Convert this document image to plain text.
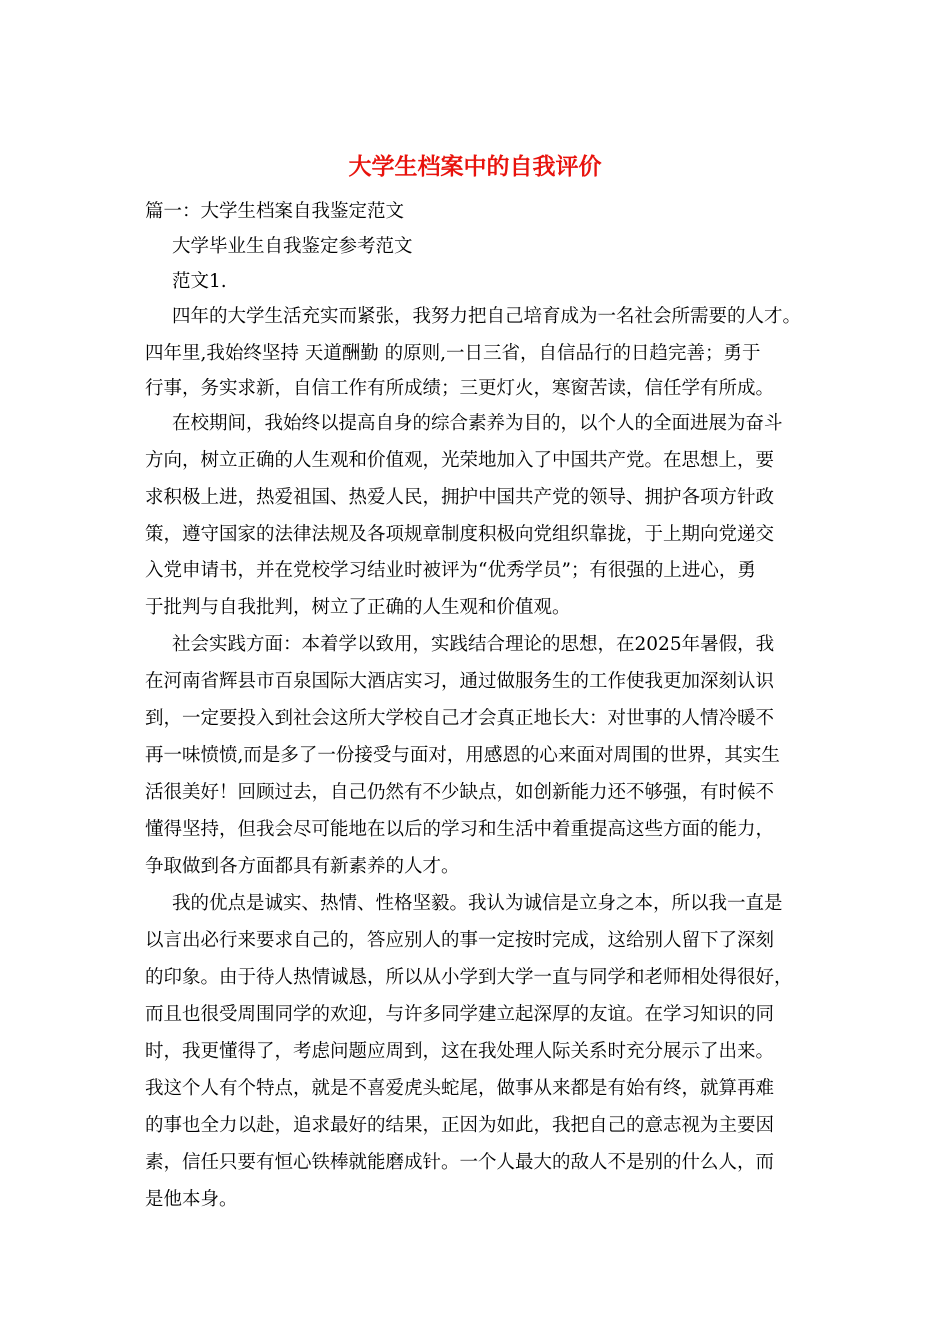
大学生档案中的自我评价

篇一：大学生档案自我鉴定范文

大学毕业生自我鉴定参考范文

范文1.

四年的大学生活充实而紧张，我努力把自己培育成为一名社会所需要的人才。

四年里,我始终坚持 天道酬勤 的原则,一日三省，自信品行的日趋完善；勇于

行事，务实求新，自信工作有所成绩；三更灯火，寒窗苦读，信任学有所成。

在校期间，我始终以提高自身的综合素养为目的，以个人的全面进展为奋斗

方向，树立正确的人生观和价值观，光荣地加入了中国共产党。在思想上，要

求积极上进，热爱祖国、热爱人民，拥护中国共产党的领导、拥护各项方针政

策，遵守国家的法律法规及各项规章制度积极向党组织靠拢，于上期向党递交

入党申请书，并在党校学习结业时被评为“优秀学员”；有很强的上进心，勇

于批判与自我批判，树立了正确的人生观和价值观。

社会实践方面：本着学以致用，实践结合理论的思想，在2025年暑假，我

在河南省辉县市百泉国际大酒店实习，通过做服务生的工作使我更加深刻认识

到，一定要投入到社会这所大学校自己才会真正地长大：对世事的人情冷暖不

再一味愤愤,而是多了一份接受与面对，用感恩的心来面对周围的世界，其实生

活很美好！回顾过去，自己仍然有不少缺点，如创新能力还不够强，有时候不

懂得坚持，但我会尽可能地在以后的学习和生活中着重提高这些方面的能力，

争取做到各方面都具有新素养的人才。

我的优点是诚实、热情、性格坚毅。我认为诚信是立身之本，所以我一直是

以言出必行来要求自己的，答应别人的事一定按时完成，这给别人留下了深刻

的印象。由于待人热情诚恳，所以从小学到大学一直与同学和老师相处得很好，

而且也很受周围同学的欢迎，与许多同学建立起深厚的友谊。在学习知识的同

时，我更懂得了，考虑问题应周到，这在我处理人际关系时充分展示了出来。

我这个人有个特点，就是不喜爱虎头蛇尾，做事从来都是有始有终，就算再难

的事也全力以赴，追求最好的结果，正因为如此，我把自己的意志视为主要因

素，信任只要有恒心铁棒就能磨成针。一个人最大的敌人不是别的什么人，而

是他本身。
